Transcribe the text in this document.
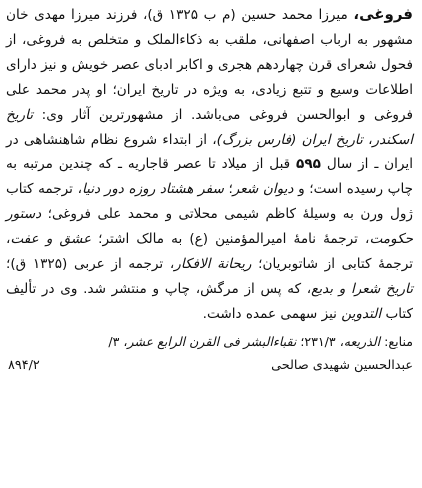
فروغی، میرزا محمد حسین (م ب ۱۳۲۵ ق)، فرزند میرزا مهدی خان مشهور به ارباب اصفهانی، ملقب به ذکاءالملک و متخلص به فروغی، از فحول شعرای قرن چهاردهم هجری و اکابر ادبای عصر خویش و نیز دارای اطلاعات وسیع و تتبع زیادی، به ویژه در تاریخ ایران؛ او پدر محمد علی فروغی و ابوالحسن فروغی می‌باشد. از مشهورترین آثار وی: تاریخ اسکندر، تاریخ ایران (فارس بزرگ)، از ابتداء شروع نظام شاهنشاهی در ایران ـ از سال ۵۹۵ قبل از میلاد تا عصر قاجاریه ـ که چندین مرتبه به چاپ رسیده است؛ و دیوان شعر؛ سفر هشتاد روزه دور دنیا، ترجمه کتاب ژول ورن به وسیلهٔ کاظم شیمی محلاتی و محمد علی فروغی؛ دستور حکومت، ترجمهٔ نامهٔ امیرالمؤمنین (ع) به مالک اشتر؛ عشق و عفت، ترجمهٔ کتابی از شاتوبریان؛ ریحانة الافکار، ترجمه از عربی (۱۳۲۵ ق)؛ تاریخ شعرا و بدیع، که پس از مرگش، چاپ و منتشر شد. وی در تألیف کتاب التدوین نیز سهمی عمده داشت.

منابع: الذریعه، ۲۳۱/۳؛ نقباءالبشر فی القرن الرابع عشر، ۳/

عبدالحسین شهیدی صالحی
۸۹۴/۲
